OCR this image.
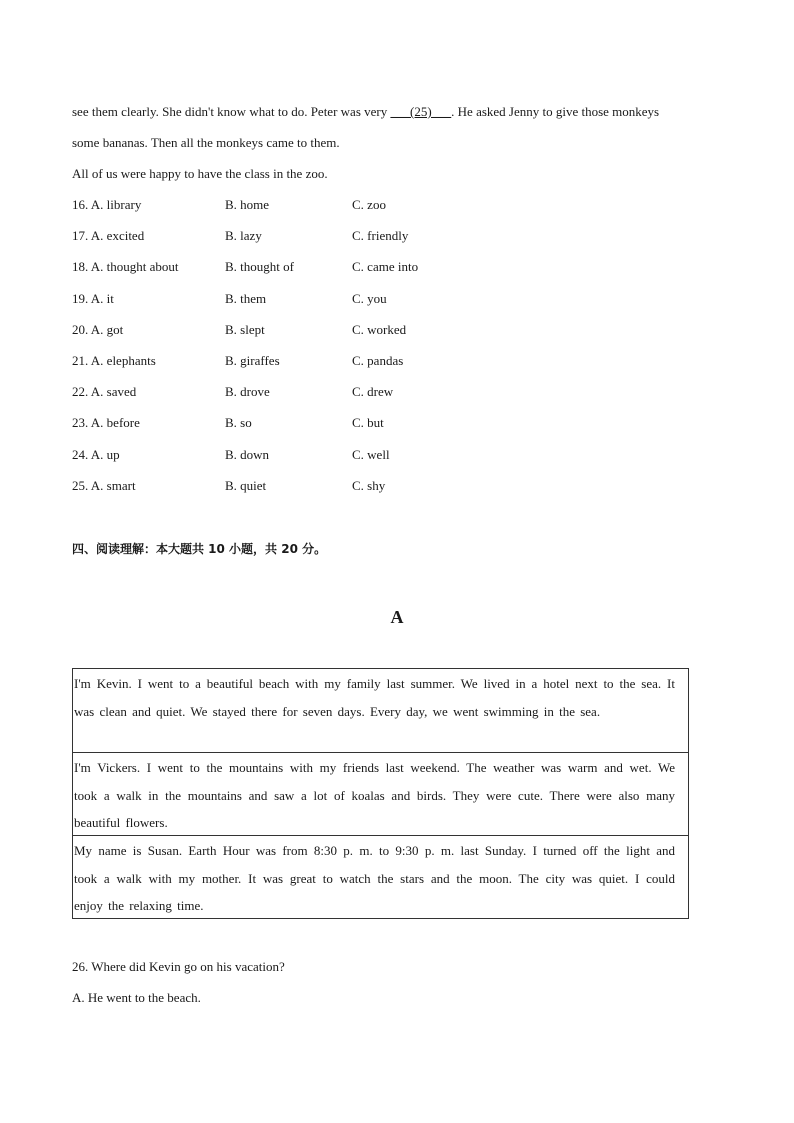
see them clearly. She didn't know what to do. Peter was very ___(25)___. He asked Jenny to give those monkeys
some bananas. Then all the monkeys came to them.
All of us were happy to have the class in the zoo.
16. A. library	B. home	C. zoo
17. A. excited	B. lazy	C. friendly
18. A. thought about	B. thought of	C. came into
19. A. it	B. them	C. you
20. A. got	B. slept	C. worked
21. A. elephants	B. giraffes	C. pandas
22. A. saved	B. drove	C. drew
23. A. before	B. so	C. but
24. A. up	B. down	C. well
25. A. smart	B. quiet	C. shy
四、阅读理解：本大题共 10 小题，共 20 分。
A
I'm Kevin. I went to a beautiful beach with my family last summer. We lived in a hotel next to the sea. It was clean and quiet. We stayed there for seven days. Every day, we went swimming in the sea.
I'm Vickers. I went to the mountains with my friends last weekend. The weather was warm and wet. We took a walk in the mountains and saw a lot of koalas and birds. They were cute. There were also many beautiful flowers.
My name is Susan. Earth Hour was from 8:30 p. m. to 9:30 p. m. last Sunday. I turned off the light and took a walk with my mother. It was great to watch the stars and the moon. The city was quiet. I could enjoy the relaxing time.
26. Where did Kevin go on his vacation?
A. He went to the beach.
